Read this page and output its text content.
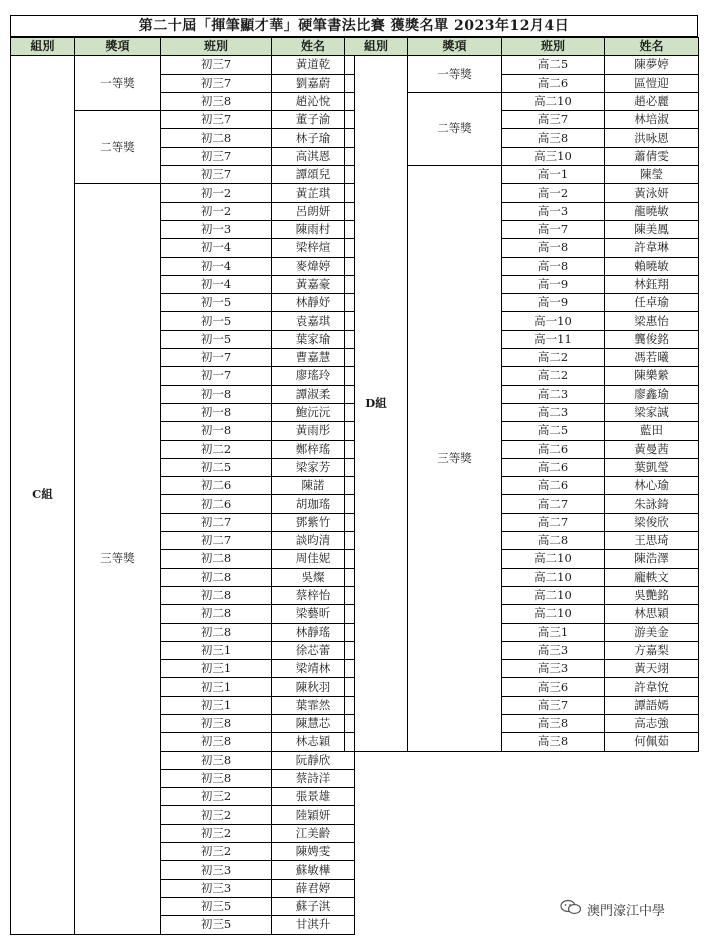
第二十屆「揮筆顯才華」硬筆書法比賽 獲獎名單 2023年12月4日
組別	獎項	班別	姓名
C組	一等獎	初三7	黃道乾
		初三7	劉嘉蔚
		初三8	趙沁悅
	二等獎	初三7	董子渝
		初二8	林子瑜
		初三7	高淇恩
		初三7	譚頌兒
	三等獎	初一2	黃芷琪
		初一2	呂朗妍
		初一3	陳雨村
		初一4	梁梓煊
		初一4	麥煒婷
		初一4	黃嘉豪
		初一5	林靜妤
		初一5	袁嘉琪
		初一5	葉家瑜
		初一7	曹嘉慧
		初一7	廖瑤玲
		初一8	譚淑柔
		初一8	鮑沅沅
		初一8	黃雨彤
		初二2	鄭梓瑤
		初二5	梁家芳
		初二6	陳諾
		初二6	胡珈瑤
		初二7	鄧紫竹
		初二7	談昀清
		初二8	周佳妮
		初二8	吳燦
		初二8	蔡梓怡
		初二8	梁藝昕
		初二8	林靜瑤
		初三1	徐芯蕾
		初三1	梁靖林
		初三1	陳秋羽
		初三1	葉霏然
		初三8	陳慧芯
		初三8	林志穎
		初三8	阮靜欣
		初三8	蔡詩洋
		初三2	張景雄
		初三2	陸穎妍
		初三2	江美齡
		初三2	陳娉雯
		初三3	蘇敏樺
		初三3	薛君婷
		初三5	蘇子淇
		初三5	甘淇升
組別	獎項	班別	姓名
D組	一等獎	高二5	陳夢婷
		高二6	區愷迎
	二等獎	高二10	趙必麗
		高三7	林培淑
		高三8	洪咏恩
		高三10	蕭倩雯
	三等獎	高一1	陳瑩
		高一2	黃泳妍
		高一3	龍曉敏
		高一7	陳美鳳
		高一8	許韋琳
		高一8	賴曉敏
		高一9	林鈺翔
		高一9	任卓瑜
		高一10	梁惠怡
		高一11	龔俊銘
		高二2	馮若曦
		高二2	陳樂縈
		高二3	廖鑫瑜
		高二3	梁家誠
		高二5	藍田
		高二6	黃曼茜
		高二6	葉凱瑩
		高二6	林心瑜
		高二7	朱詠錡
		高二7	梁俊欣
		高二8	王思琦
		高二10	陳浩澤
		高二10	龐軼文
		高二10	吳艷銘
		高二10	林思穎
		高三1	游美金
		高三3	方嘉梨
		高三3	黃天翊
		高三6	許韋悅
		高三7	譚語嫣
		高三8	高志強
		高三8	何佩茹
澳門濠江中學
